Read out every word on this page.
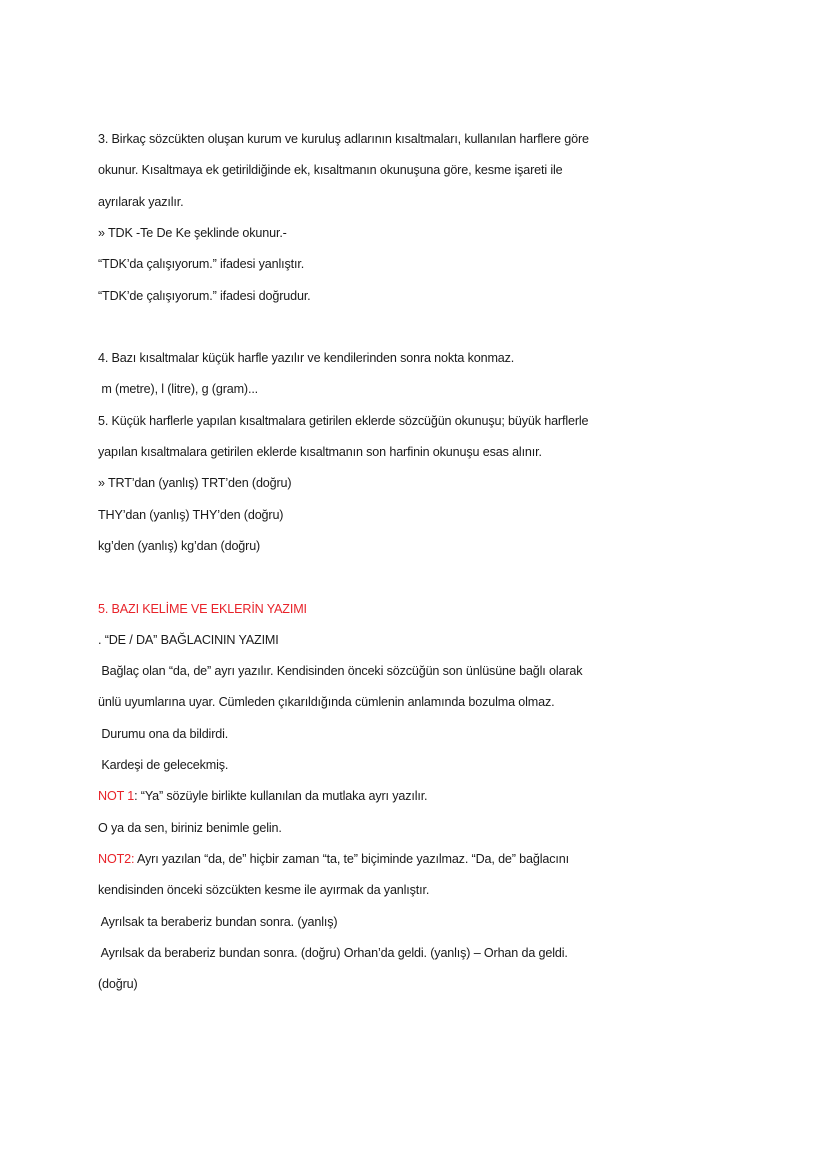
3. Birkaç sözcükten oluşan kurum ve kuruluş adlarının kısaltmaları, kullanılan harflere göre
okunur. Kısaltmaya ek getirildiğinde ek, kısaltmanın okunuşuna göre, kesme işareti ile
ayrılarak yazılır.
» TDK -Te De Ke şeklinde okunur.-
“TDK’da çalışıyorum.” ifadesi yanlıştır.
“TDK’de çalışıyorum.” ifadesi doğrudur.
4. Bazı kısaltmalar küçük harfle yazılır ve kendilerinden sonra nokta konmaz.
m (metre), l (litre), g (gram)...
5. Küçük harflerle yapılan kısaltmalara getirilen eklerde sözcüğün okunuşu; büyük harflerle
yapılan kısaltmalara getirilen eklerde kısaltmanın son harfinin okunuşu esas alınır.
» TRT’dan (yanlış) TRT’den (doğru)
THY’dan (yanlış) THY’den (doğru)
kg’den (yanlış) kg’dan (doğru)
5. BAZI KELİME VE EKLERİN YAZIMI
. “DE / DA” BAĞLACININ YAZIMI
Bağlaç olan “da, de” ayrı yazılır. Kendisinden önceki sözcüğün son ünlüsüne bağlı olarak
ünlü uyumlarına uyar. Cümleden çıkarıldığında cümlenin anlamında bozulma olmaz.
Durumu ona da bildirdi.
Kardeşi de gelecekmiş.
NOT 1: “Ya” sözüyle birlikte kullanılan da mutlaka ayrı yazılır.
O ya da sen, biriniz benimle gelin.
NOT2: Ayrı yazılan “da, de” hiçbir zaman “ta, te” biçiminde yazılmaz. “Da, de” bağlacını
kendisinden önceki sözcükten kesme ile ayırmak da yanlıştır.
Ayrılsak ta beraberiz bundan sonra. (yanlış)
Ayrılsak da beraberiz bundan sonra. (doğru) Orhan’da geldi. (yanlış) – Orhan da geldi.
(doğru)
